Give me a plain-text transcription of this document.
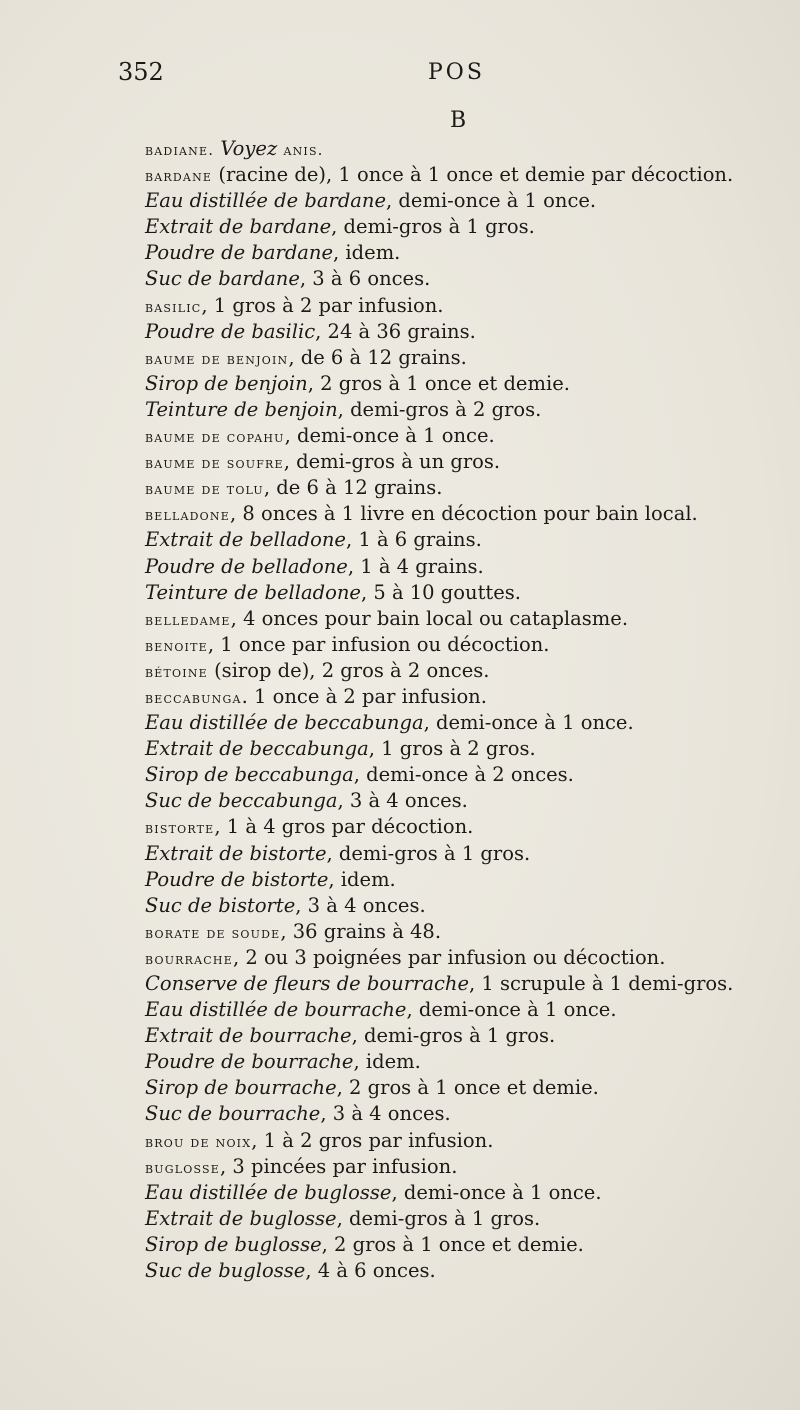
352	POS
B
badiane. Voyez anis.
bardane (racine de), 1 once à 1 once et demie par décoction.
Eau distillée de bardane, demi-once à 1 once.
Extrait de bardane, demi-gros à 1 gros.
Poudre de bardane, idem.
Suc de bardane, 3 à 6 onces.
basilic, 1 gros à 2 par infusion.
Poudre de basilic, 24 à 36 grains.
baume de benjoin, de 6 à 12 grains.
Sirop de benjoin, 2 gros à 1 once et demie.
Teinture de benjoin, demi-gros à 2 gros.
baume de copahu, demi-once à 1 once.
baume de soufre, demi-gros à un gros.
baume de tolu, de 6 à 12 grains.
belladone, 8 onces à 1 livre en décoction pour bain local.
Extrait de belladone, 1 à 6 grains.
Poudre de belladone, 1 à 4 grains.
Teinture de belladone, 5 à 10 gouttes.
belledame, 4 onces pour bain local ou cataplasme.
benoite, 1 once par infusion ou décoction.
bétoine (sirop de), 2 gros à 2 onces.
beccabunga. 1 once à 2 par infusion.
Eau distillée de beccabunga, demi-once à 1 once.
Extrait de beccabunga, 1 gros à 2 gros.
Sirop de beccabunga, demi-once à 2 onces.
Suc de beccabunga, 3 à 4 onces.
bistorte, 1 à 4 gros par décoction.
Extrait de bistorte, demi-gros à 1 gros.
Poudre de bistorte, idem.
Suc de bistorte, 3 à 4 onces.
borate de soude, 36 grains à 48.
bourrache, 2 ou 3 poignées par infusion ou décoction.
Conserve de fleurs de bourrache, 1 scrupule à 1 demi-gros.
Eau distillée de bourrache, demi-once à 1 once.
Extrait de bourrache, demi-gros à 1 gros.
Poudre de bourrache, idem.
Sirop de bourrache, 2 gros à 1 once et demie.
Suc de bourrache, 3 à 4 onces.
brou de noix, 1 à 2 gros par infusion.
buglosse, 3 pincées par infusion.
Eau distillée de buglosse, demi-once à 1 once.
Extrait de buglosse, demi-gros à 1 gros.
Sirop de buglosse, 2 gros à 1 once et demie.
Suc de buglosse, 4 à 6 onces.
